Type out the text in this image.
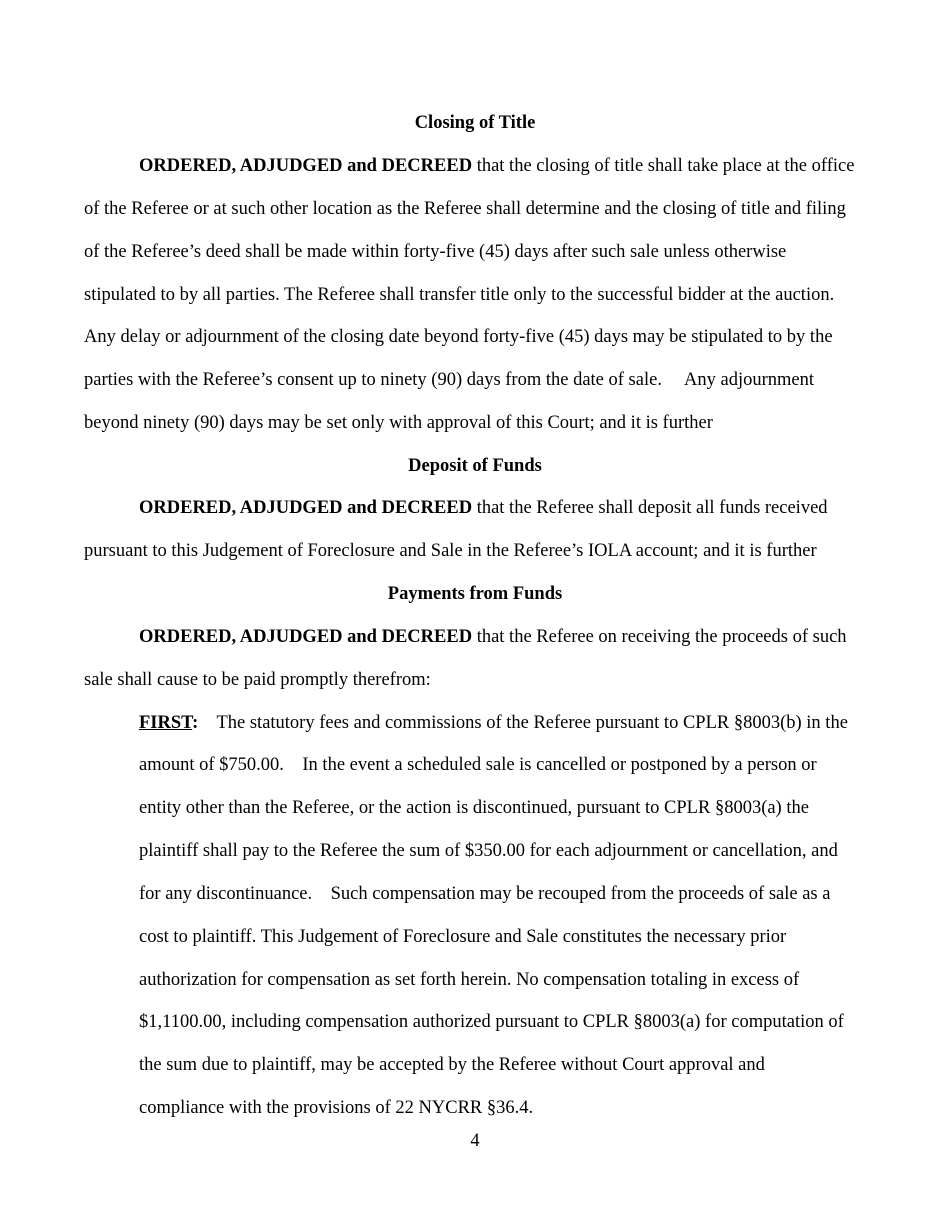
Closing of Title
ORDERED, ADJUDGED and DECREED that the closing of title shall take place at the office
of the Referee or at such other location as the Referee shall determine and the closing of title and filing
of the Referee’s deed shall be made within forty-five (45) days after such sale unless otherwise
stipulated to by all parties. The Referee shall transfer title only to the successful bidder at the auction.
Any delay or adjournment of the closing date beyond forty-five (45) days may be stipulated to by the
parties with the Referee’s consent up to ninety (90) days from the date of sale.     Any adjournment
beyond ninety (90) days may be set only with approval of this Court; and it is further
Deposit of Funds
ORDERED, ADJUDGED and DECREED that the Referee shall deposit all funds received
pursuant to this Judgement of Foreclosure and Sale in the Referee’s IOLA account; and it is further
Payments from Funds
ORDERED, ADJUDGED and DECREED that the Referee on receiving the proceeds of such
sale shall cause to be paid promptly therefrom:
FIRST:    The statutory fees and commissions of the Referee pursuant to CPLR §8003(b) in the
amount of $750.00.    In the event a scheduled sale is cancelled or postponed by a person or
entity other than the Referee, or the action is discontinued, pursuant to CPLR §8003(a) the
plaintiff shall pay to the Referee the sum of $350.00 for each adjournment or cancellation, and
for any discontinuance.    Such compensation may be recouped from the proceeds of sale as a
cost to plaintiff. This Judgement of Foreclosure and Sale constitutes the necessary prior
authorization for compensation as set forth herein. No compensation totaling in excess of
$1,1100.00, including compensation authorized pursuant to CPLR §8003(a) for computation of
the sum due to plaintiff, may be accepted by the Referee without Court approval and
compliance with the provisions of 22 NYCRR §36.4.
4
